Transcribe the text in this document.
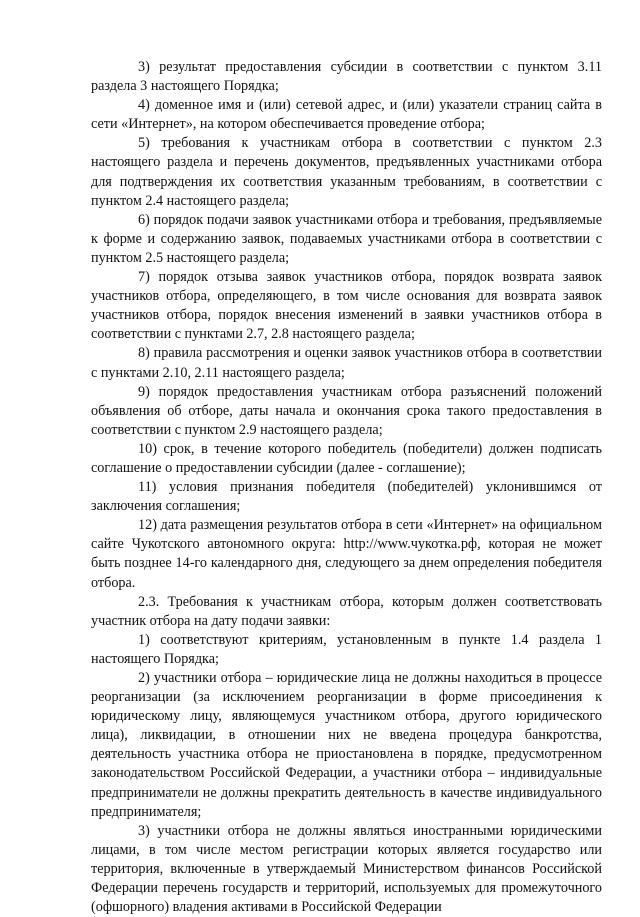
3) результат предоставления субсидии в соответствии с пунктом 3.11 раздела 3 настоящего Порядка;

4) доменное имя и (или) сетевой адрес, и (или) указатели страниц сайта в сети «Интернет», на котором обеспечивается проведение отбора;

5) требования к участникам отбора в соответствии с пунктом 2.3 настоящего раздела и перечень документов, предъявленных участниками отбора для подтверждения их соответствия указанным требованиям, в соответствии с пунктом 2.4 настоящего раздела;

6) порядок подачи заявок участниками отбора и требования, предъявляемые к форме и содержанию заявок, подаваемых участниками отбора в соответствии с пунктом 2.5 настоящего раздела;

7) порядок отзыва заявок участников отбора, порядок возврата заявок участников отбора, определяющего, в том числе основания для возврата заявок участников отбора, порядок внесения изменений в заявки участников отбора в соответствии с пунктами 2.7, 2.8 настоящего раздела;

8) правила рассмотрения и оценки заявок участников отбора в соответствии с пунктами 2.10, 2.11 настоящего раздела;

9) порядок предоставления участникам отбора разъяснений положений объявления об отборе, даты начала и окончания срока такого предоставления в соответствии с пунктом 2.9 настоящего раздела;

10) срок, в течение которого победитель (победители) должен подписать соглашение о предоставлении субсидии (далее - соглашение);

11) условия признания победителя (победителей) уклонившимся от заключения соглашения;

12) дата размещения результатов отбора в сети «Интернет» на официальном сайте Чукотского автономного округа: http://www.чукотка.рф, которая не может быть позднее 14-го календарного дня, следующего за днем определения победителя отбора.

2.3. Требования к участникам отбора, которым должен соответствовать участник отбора на дату подачи заявки:

1) соответствуют критериям, установленным в пункте 1.4 раздела 1 настоящего Порядка;

2) участники отбора – юридические лица не должны находиться в процессе реорганизации (за исключением реорганизации в форме присоединения к юридическому лицу, являющемуся участником отбора, другого юридического лица), ликвидации, в отношении них не введена процедура банкротства, деятельность участника отбора не приостановлена в порядке, предусмотренном законодательством Российской Федерации, а участники отбора – индивидуальные предприниматели не должны прекратить деятельность в качестве индивидуального предпринимателя;

3) участники отбора не должны являться иностранными юридическими лицами, в том числе местом регистрации которых является государство или территория, включенные в утверждаемый Министерством финансов Российской Федерации перечень государств и территорий, используемых для промежуточного (офшорного) владения активами в Российской Федерации
